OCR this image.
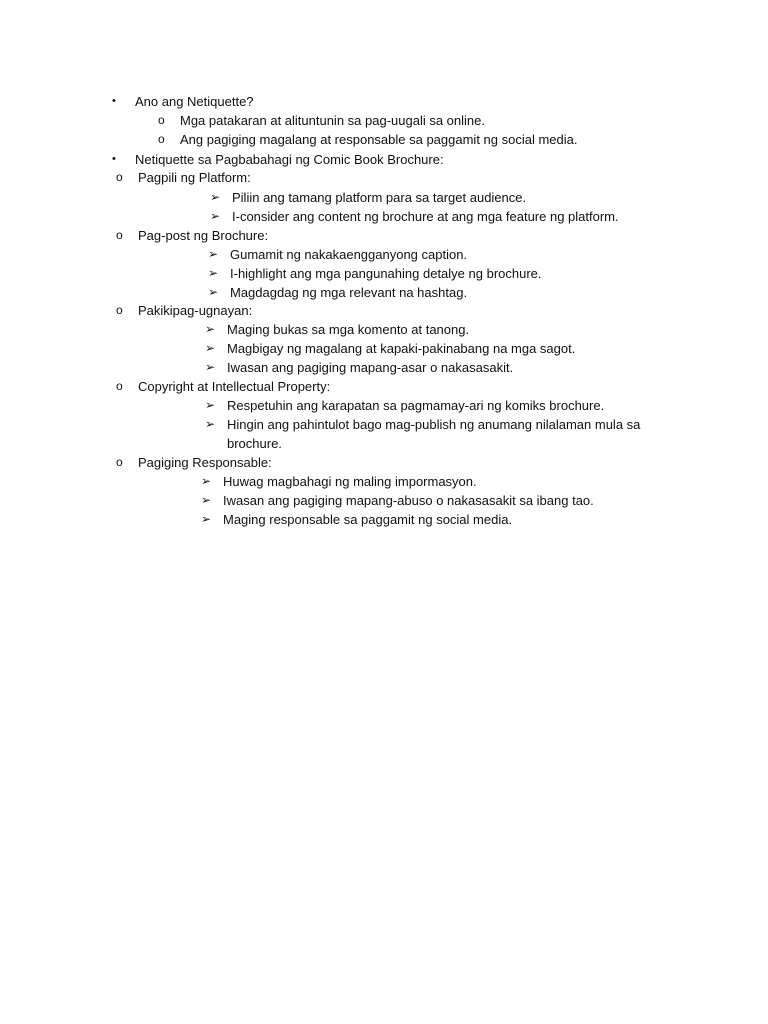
• Ano ang Netiquette?
o Mga patakaran at alituntunin sa pag-uugali sa online.
o Ang pagiging magalang at responsable sa paggamit ng social media.
• Netiquette sa Pagbabahagi ng Comic Book Brochure:
o Pagpili ng Platform:
➢ Piliin ang tamang platform para sa target audience.
➢ I-consider ang content ng brochure at ang mga feature ng platform.
o Pag-post ng Brochure:
➢ Gumamit ng nakakaengganyong caption.
➢ I-highlight ang mga pangunahing detalye ng brochure.
➢ Magdagdag ng mga relevant na hashtag.
o Pakikipag-ugnayan:
➢ Maging bukas sa mga komento at tanong.
➢ Magbigay ng magalang at kapaki-pakinabang na mga sagot.
➢ Iwasan ang pagiging mapang-asar o nakasasakit.
o Copyright at Intellectual Property:
➢ Respetuhin ang karapatan sa pagmamay-ari ng komiks brochure.
➢ Hingin ang pahintulot bago mag-publish ng anumang nilalaman mula sa
brochure.
o Pagiging Responsable:
➢ Huwag magbahagi ng maling impormasyon.
➢ Iwasan ang pagiging mapang-abuso o nakasasakit sa ibang tao.
➢ Maging responsable sa paggamit ng social media.
